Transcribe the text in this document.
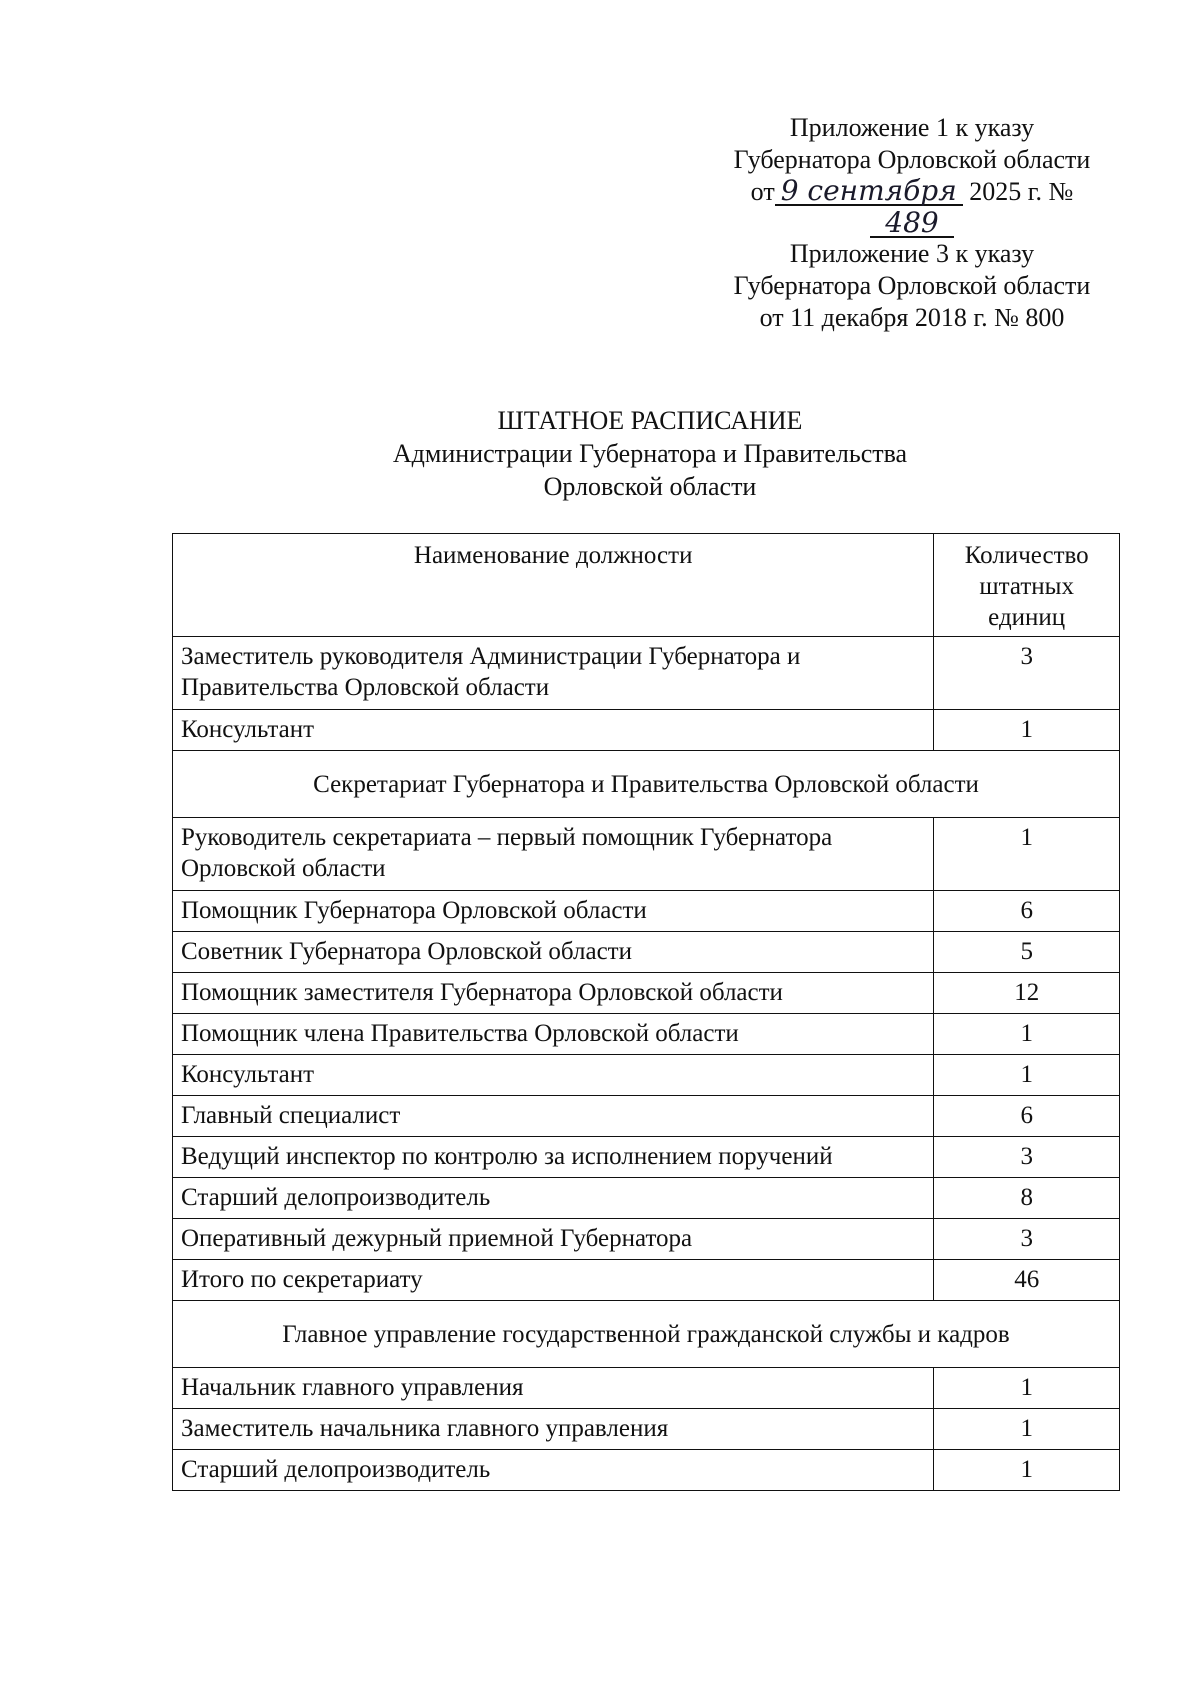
Приложение 1 к указу
Губернатора Орловской области
от 9 сентября 2025 г. № 489
Приложение 3 к указу
Губернатора Орловской области
от 11 декабря 2018 г. № 800
ШТАТНОЕ РАСПИСАНИЕ
Администрации Губернатора и Правительства
Орловской области
Наименование должности	Количество штатных единиц
Заместитель руководителя Администрации Губернатора и Правительства Орловской области	3
Консультант	1
Секретариат Губернатора и Правительства Орловской области	
Руководитель секретариата – первый помощник Губернатора Орловской области	1
Помощник Губернатора Орловской области	6
Советник Губернатора Орловской области	5
Помощник заместителя Губернатора Орловской области	12
Помощник члена Правительства Орловской области	1
Консультант	1
Главный специалист	6
Ведущий инспектор по контролю за исполнением поручений	3
Старший делопроизводитель	8
Оперативный дежурный приемной Губернатора	3
Итого по секретариату	46
Главное управление государственной гражданской службы и кадров	
Начальник главного управления	1
Заместитель начальника главного управления	1
Старший делопроизводитель	1
